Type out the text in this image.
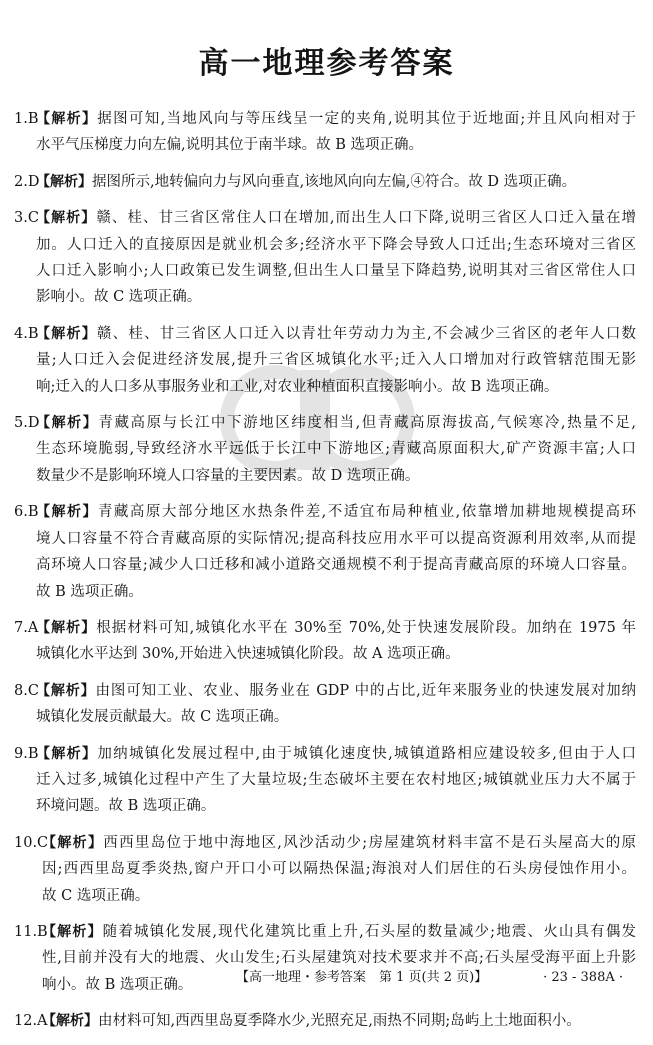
高一地理参考答案
1.B 【 解析 】 据图可知,当地风向与等压线呈一定的夹角,说明其位于近地面;并且风向相对于
水平气压梯度力向左偏,说明其位于南半球。故 B 选项正确。
2.D 【 解析 】 据图所示,地转偏向力与风向垂直,该地风向向左偏,④符合。故 D 选项正确。
3.C 【 解析 】 赣、桂、甘三省区常住人口在增加,而出生人口下降,说明三省区人口迁入量在增
加。人口迁入的直接原因是就业机会多;经济水平下降会导致人口迁出;生态环境对三省区
人口迁入影响小;人口政策已发生调整,但出生人口量呈下降趋势,说明其对三省区常住人口
影响小。故 C 选项正确。
4.B 【 解析 】 赣、桂、甘三省区人口迁入以青壮年劳动力为主,不会减少三省区的老年人口数
量;人口迁入会促进经济发展,提升三省区城镇化水平;迁入人口增加对行政管辖范围无影
响;迁入的人口多从事服务业和工业,对农业种植面积直接影响小。故 B 选项正确。
5.D 【 解析 】 青藏高原与长江中下游地区纬度相当,但青藏高原海拔高,气候寒冷,热量不足,
生态环境脆弱,导致经济水平远低于长江中下游地区;青藏高原面积大,矿产资源丰富;人口
数量少不是影响环境人口容量的主要因素。故 D 选项正确。
6.B 【 解析 】 青藏高原大部分地区水热条件差,不适宜布局种植业,依靠增加耕地规模提高环
境人口容量不符合青藏高原的实际情况;提高科技应用水平可以提高资源利用效率,从而提
高环境人口容量;减少人口迁移和减小道路交通规模不利于提高青藏高原的环境人口容量。
故 B 选项正确。
7.A 【 解析 】 根据材料可知,城镇化水平在 30%至 70%,处于快速发展阶段。加纳在 1975 年
城镇化水平达到 30%,开始进入快速城镇化阶段。故 A 选项正确。
8.C 【 解析 】 由图可知工业、农业、服务业在 GDP 中的占比,近年来服务业的快速发展对加纳
城镇化发展贡献最大。故 C 选项正确。
9.B 【 解析 】 加纳城镇化发展过程中,由于城镇化速度快,城镇道路相应建设较多,但由于人口
迁入过多,城镇化过程中产生了大量垃圾;生态破坏主要在农村地区;城镇就业压力大不属于
环境问题。故 B 选项正确。
10.C 【 解析 】 西西里岛位于地中海地区,风沙活动少;房屋建筑材料丰富不是石头屋高大的原
因;西西里岛夏季炎热,窗户开口小可以隔热保温;海浪对人们居住的石头房侵蚀作用小。
故 C 选项正确。
11.B 【 解析 】 随着城镇化发展,现代化建筑比重上升,石头屋的数量减少;地震、火山具有偶发
性,目前并没有大的地震、火山发生;石头屋建筑对技术要求并不高;石头屋受海平面上升影
响小。故 B 选项正确。
12.A 【 解析 】 由材料可知,西西里岛夏季降水少,光照充足,雨热不同期;岛屿上土地面积小。
【高一地理・参考答案　第 1 页(共 2 页)】	· 23 - 388A ·
